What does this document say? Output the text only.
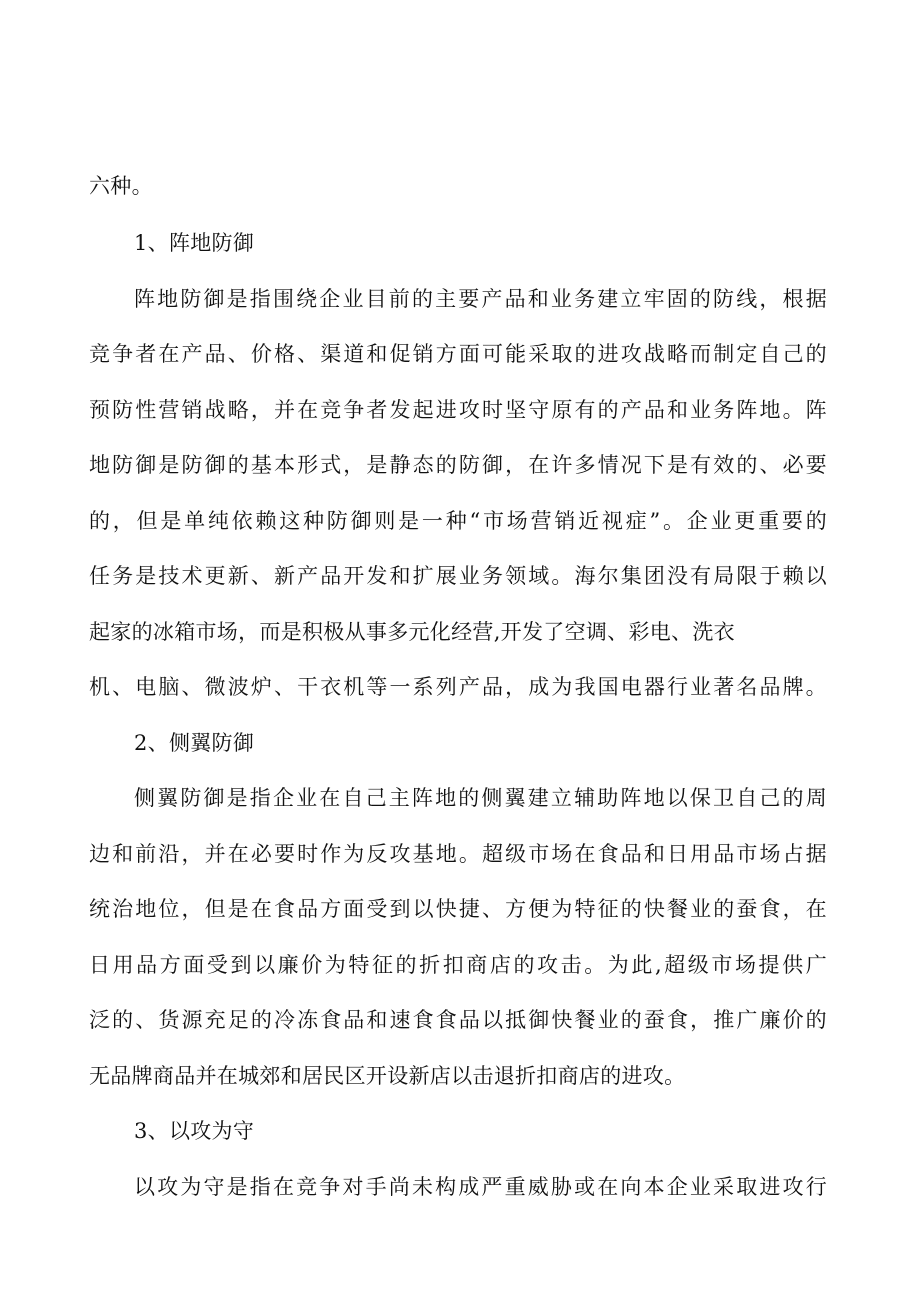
六种。
1、阵地防御
阵地防御是指围绕企业目前的主要产品和业务建立牢固的防线，根据
竞争者在产品、价格、渠道和促销方面可能采取的进攻战略而制定自己的
预防性营销战略，并在竞争者发起进攻时坚守原有的产品和业务阵地。阵
地防御是防御的基本形式，是静态的防御，在许多情况下是有效的、必要
的，但是单纯依赖这种防御则是一种“市场营销近视症”。企业更重要的
任务是技术更新、新产品开发和扩展业务领域。海尔集团没有局限于赖以
起家的冰箱市场，而是积极从事多元化经营,开发了空调、彩电、洗衣
机、电脑、微波炉、干衣机等一系列产品，成为我国电器行业著名品牌。
2、侧翼防御
侧翼防御是指企业在自己主阵地的侧翼建立辅助阵地以保卫自己的周
边和前沿，并在必要时作为反攻基地。超级市场在食品和日用品市场占据
统治地位，但是在食品方面受到以快捷、方便为特征的快餐业的蚕食，在
日用品方面受到以廉价为特征的折扣商店的攻击。为此,超级市场提供广
泛的、货源充足的冷冻食品和速食食品以抵御快餐业的蚕食，推广廉价的
无品牌商品并在城郊和居民区开设新店以击退折扣商店的进攻。
3、以攻为守
以攻为守是指在竞争对手尚未构成严重威胁或在向本企业采取进攻行
